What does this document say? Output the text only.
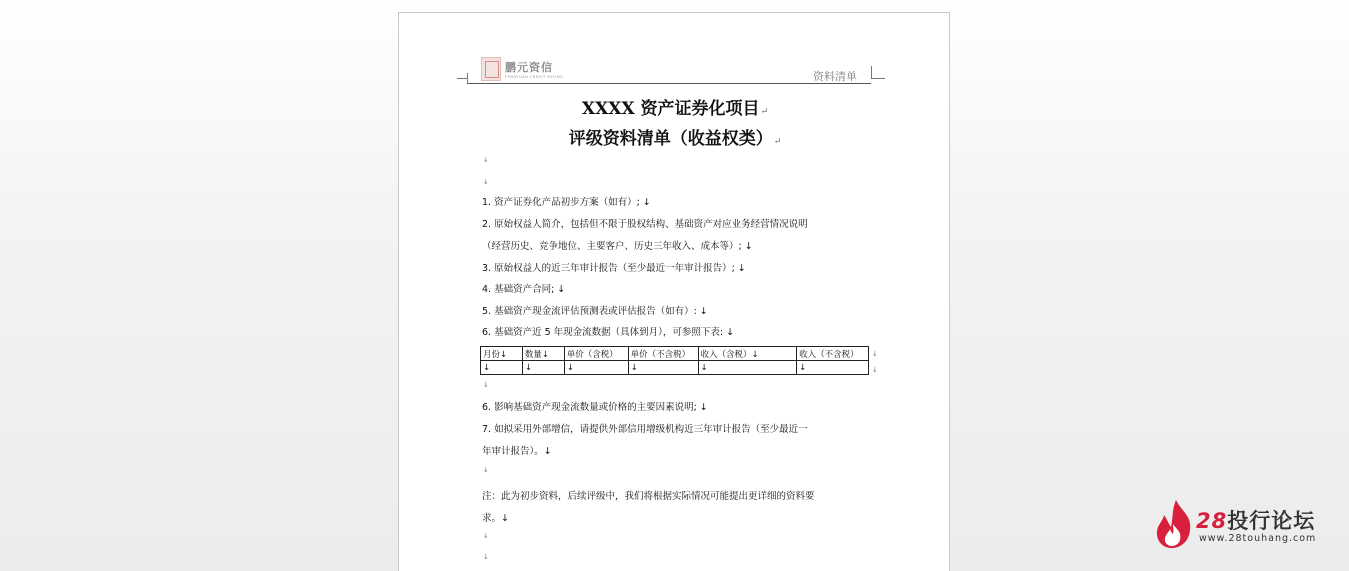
鹏元资信
PENGYUAN CREDIT RATING	资料清单
XXXX 资产证券化项目↵
评级资料清单（收益权类）↵
↓
↓
1. 资产证券化产品初步方案（如有）; ↓
2. 原始权益人简介，包括但不限于股权结构、基础资产对应业务经营情况说明
（经营历史、竞争地位、主要客户、历史三年收入、成本等）; ↓
3. 原始权益人的近三年审计报告（至少最近一年审计报告）; ↓
4. 基础资产合同; ↓
5. 基础资产现金流评估预测表或评估报告（如有）: ↓
6. 基础资产近 5 年现金流数据（具体到月），可参照下表: ↓
月份↓	数量↓	单价（含税）	单价（不含税）	收入（含税）↓	收入（不含税）
↓	↓	↓	↓	↓	↓
↓
↓
↓
6. 影响基础资产现金流数量或价格的主要因素说明; ↓
7. 如拟采用外部增信，请提供外部信用增级机构近三年审计报告（至少最近一
年审计报告）。↓
↓
注：此为初步资料，后续评级中，我们将根据实际情况可能提出更详细的资料要
求。↓
↓
↓
28投行论坛
www.28touhang.com
